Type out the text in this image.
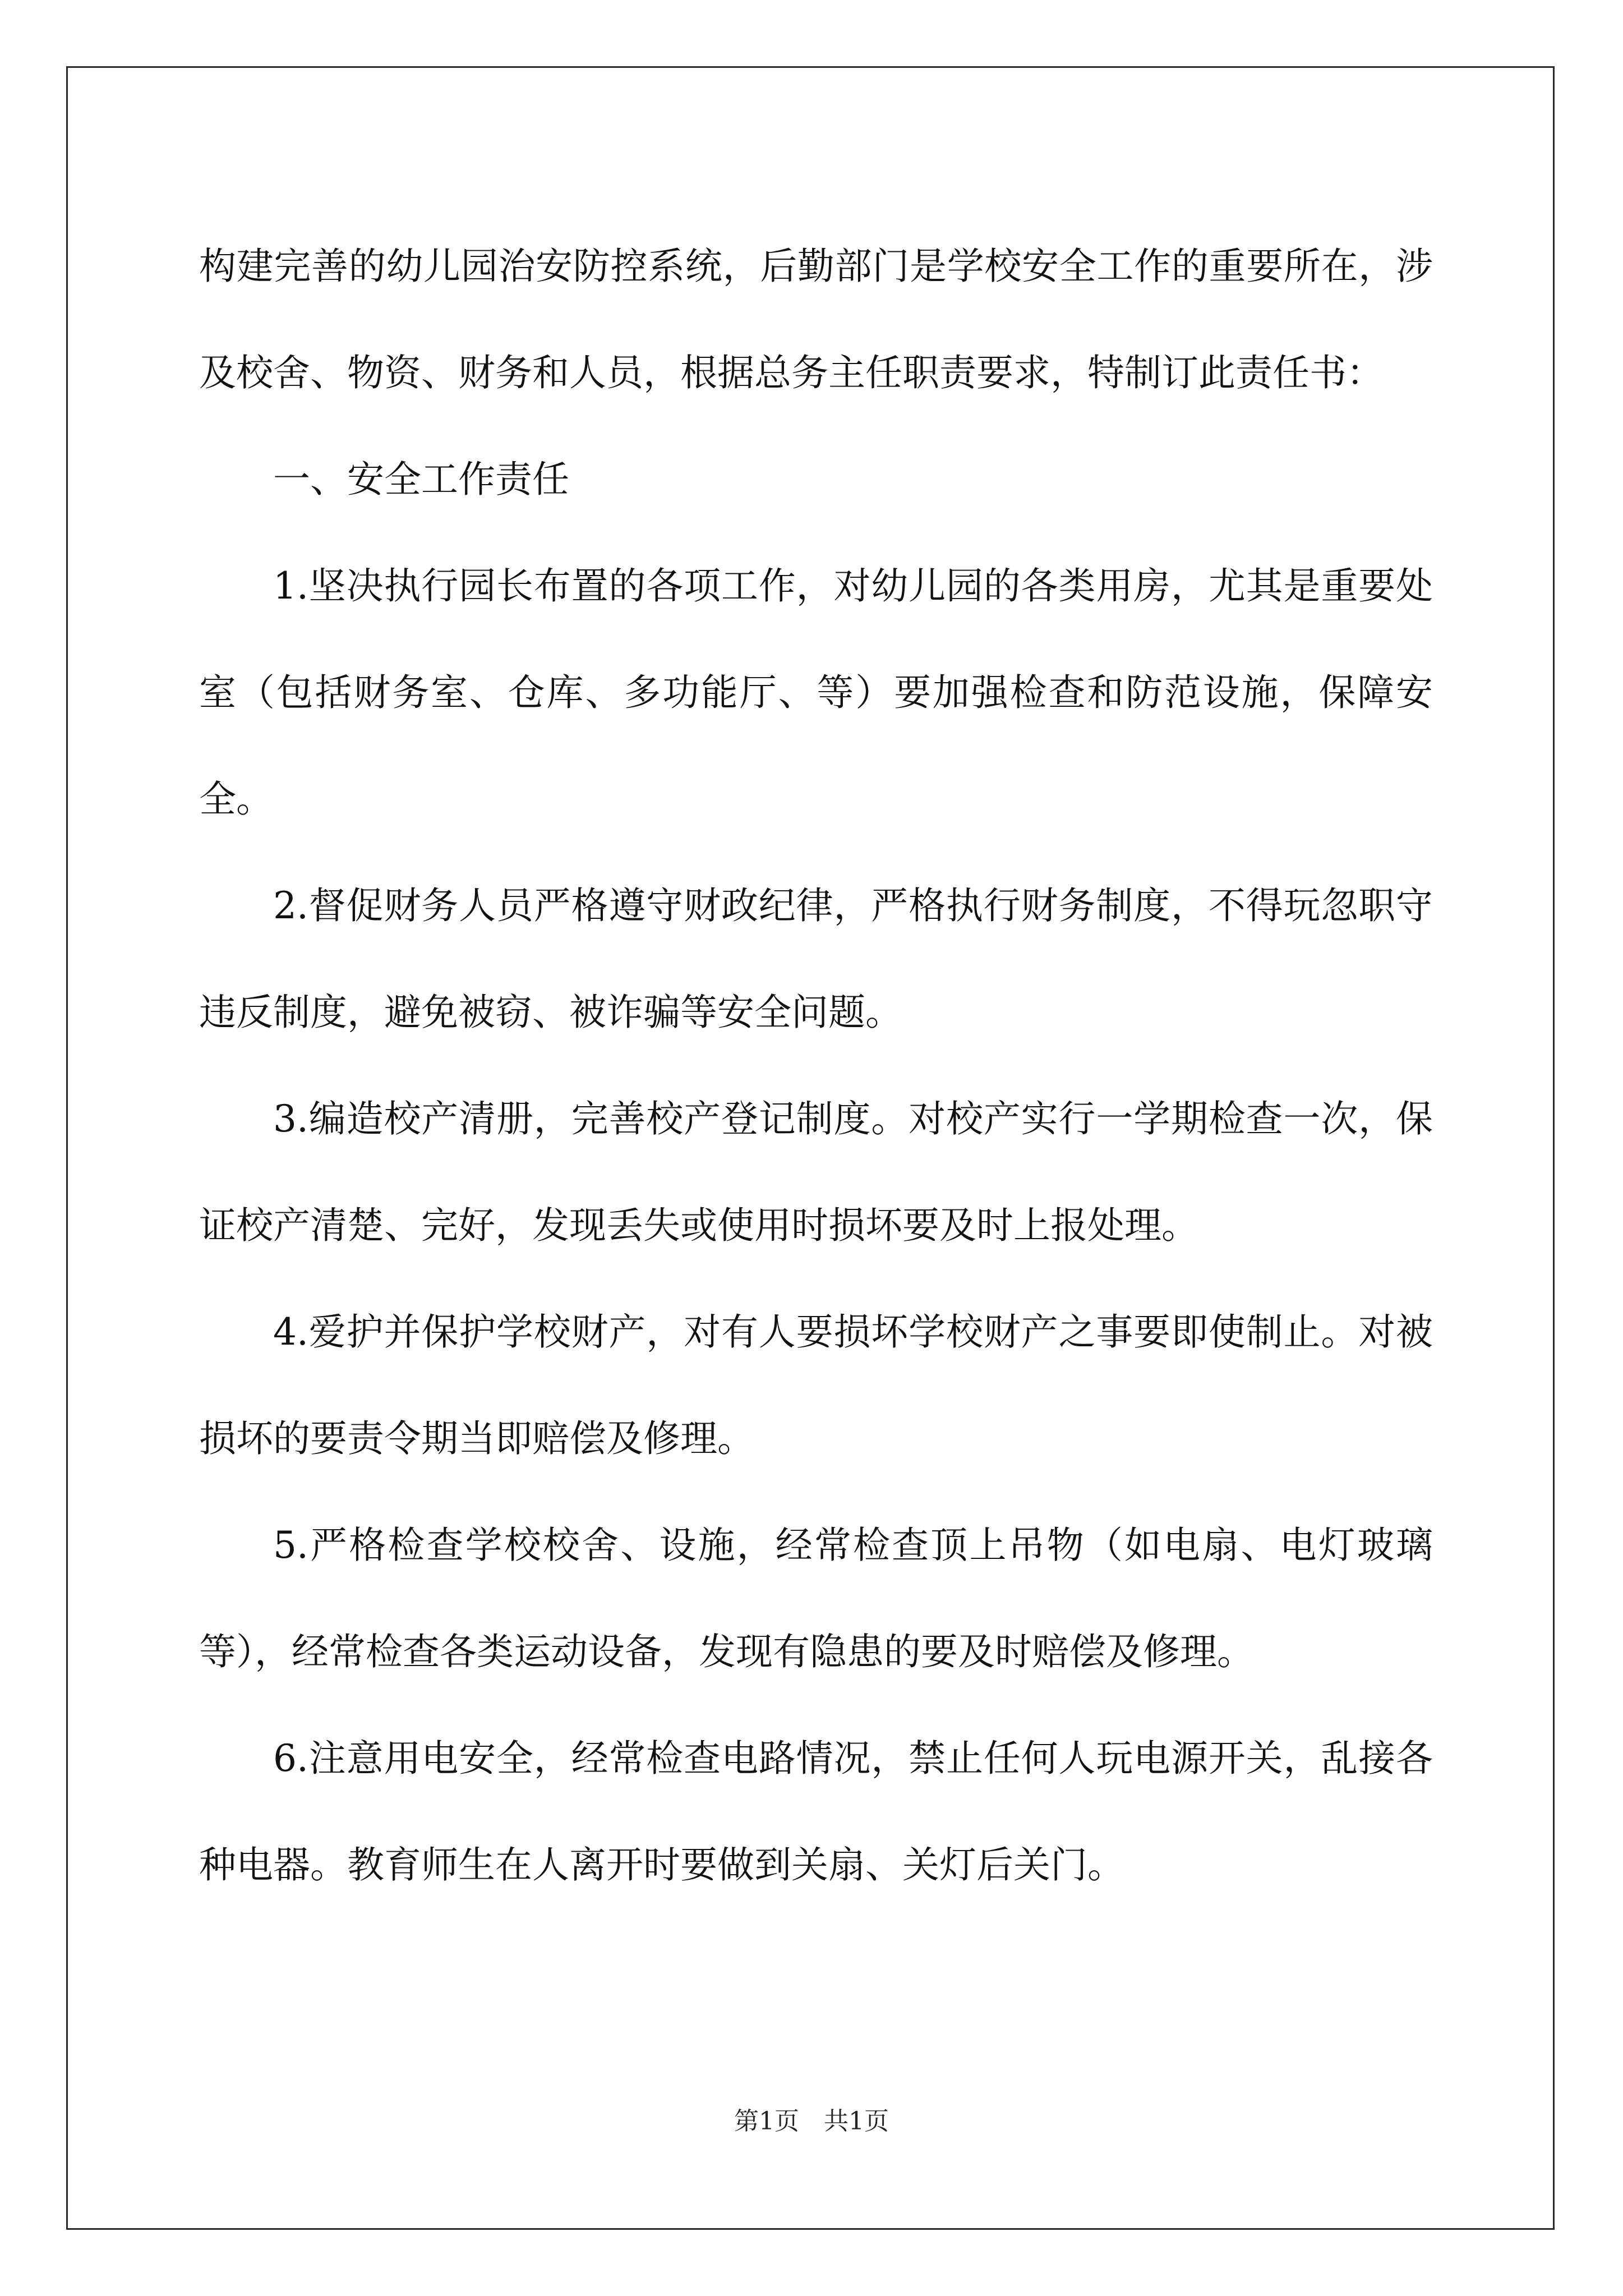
构建完善的幼儿园治安防控系统，后勤部门是学校安全工作的重要所在，涉及校舍、物资、财务和人员，根据总务主任职责要求，特制订此责任书：

一、安全工作责任

1.坚决执行园长布置的各项工作，对幼儿园的各类用房，尤其是重要处室（包括财务室、仓库、多功能厅、等）要加强检查和防范设施，保障安全。

2.督促财务人员严格遵守财政纪律，严格执行财务制度，不得玩忽职守违反制度，避免被窃、被诈骗等安全问题。

3.编造校产清册，完善校产登记制度。对校产实行一学期检查一次，保证校产清楚、完好，发现丢失或使用时损坏要及时上报处理。

4.爱护并保护学校财产，对有人要损坏学校财产之事要即使制止。对被损坏的要责令期当即赔偿及修理。

5.严格检查学校校舍、设施，经常检查顶上吊物（如电扇、电灯玻璃等），经常检查各类运动设备，发现有隐患的要及时赔偿及修理。

6.注意用电安全，经常检查电路情况，禁止任何人玩电源开关，乱接各种电器。教育师生在人离开时要做到关扇、关灯后关门。

第1页　共1页
